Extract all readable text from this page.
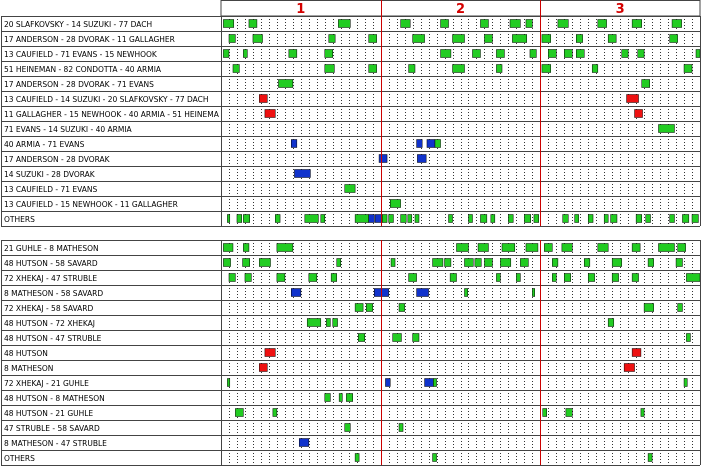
1	2	3
20 SLAFKOVSKY - 14 SUZUKI - 77 DACH
17 ANDERSON - 28 DVORAK - 11 GALLAGHER
13 CAUFIELD - 71 EVANS - 15 NEWHOOK
51 HEINEMAN - 82 CONDOTTA - 40 ARMIA
17 ANDERSON - 28 DVORAK - 71 EVANS
13 CAUFIELD - 14 SUZUKI - 20 SLAFKOVSKY - 77 DACH
11 GALLAGHER - 15 NEWHOOK - 40 ARMIA - 51 HEINEMA
71 EVANS - 14 SUZUKI - 40 ARMIA
40 ARMIA - 71 EVANS
17 ANDERSON - 28 DVORAK
14 SUZUKI - 28 DVORAK
13 CAUFIELD - 71 EVANS
13 CAUFIELD - 15 NEWHOOK - 11 GALLAGHER
OTHERS
21 GUHLE - 8 MATHESON
48 HUTSON - 58 SAVARD
72 XHEKAJ - 47 STRUBLE
8 MATHESON - 58 SAVARD
72 XHEKAJ - 58 SAVARD
48 HUTSON - 72 XHEKAJ
48 HUTSON - 47 STRUBLE
48 HUTSON
8 MATHESON
72 XHEKAJ - 21 GUHLE
48 HUTSON - 8 MATHESON
48 HUTSON - 21 GUHLE
47 STRUBLE - 58 SAVARD
8 MATHESON - 47 STRUBLE
OTHERS
